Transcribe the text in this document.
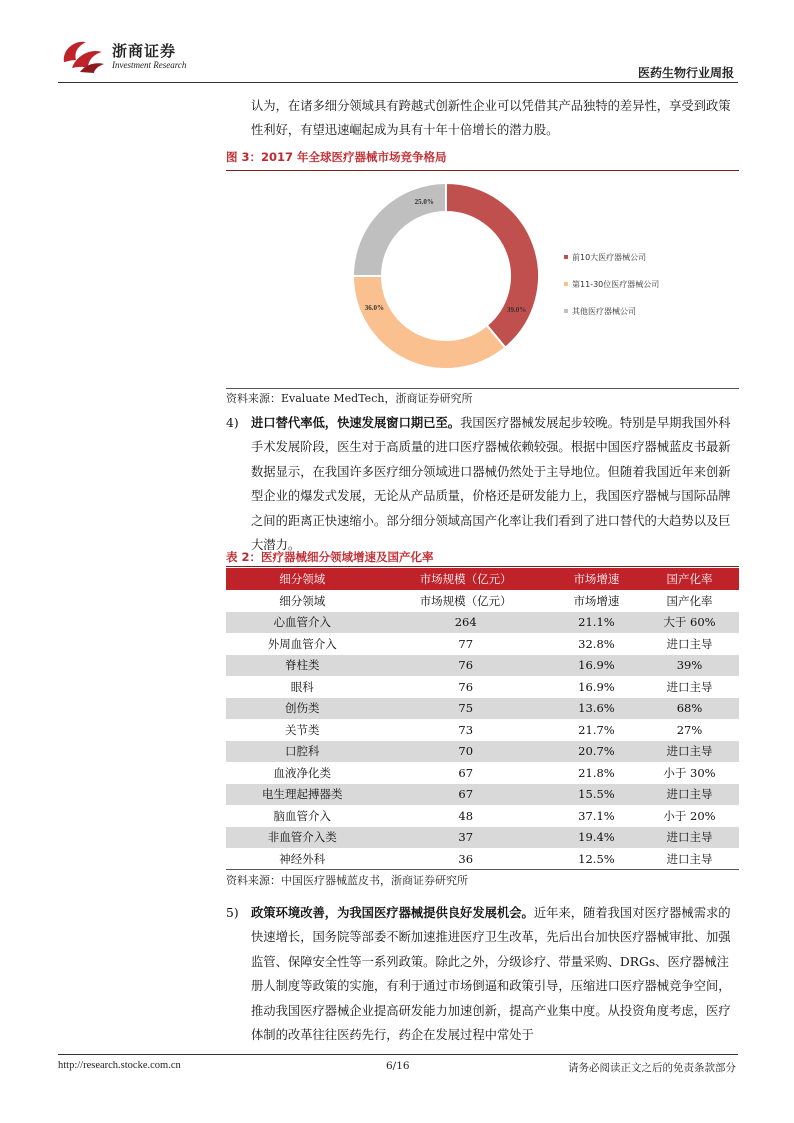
浙商证券
Investment Research
医药生物行业周报
认为，在诸多细分领域具有跨越式创新性企业可以凭借其产品独特的差异性，享受到政策性利好，有望迅速崛起成为具有十年十倍增长的潜力股。
图 3：2017 年全球医疗器械市场竞争格局
39.0%
36.0%
25.0%
前10大医疗器械公司
第11-30位医疗器械公司
其他医疗器械公司
资料来源：Evaluate MedTech，浙商证券研究所
4) 进口替代率低，快速发展窗口期已至。我国医疗器械发展起步较晚。特别是早期我国外科手术发展阶段，医生对于高质量的进口医疗器械依赖较强。根据中国医疗器械蓝皮书最新数据显示，在我国许多医疗细分领域进口器械仍然处于主导地位。但随着我国近年来创新型企业的爆发式发展，无论从产品质量，价格还是研发能力上，我国医疗器械与国际品牌之间的距离正快速缩小。部分细分领域高国产化率让我们看到了进口替代的大趋势以及巨大潜力。
表 2：医疗器械细分领域增速及国产化率
细分领域	市场规模（亿元）	市场增速	国产化率
细分领域	市场规模（亿元）	市场增速	国产化率
心血管介入	264	21.1%	大于 60%
外周血管介入	77	32.8%	进口主导
脊柱类	76	16.9%	39%
眼科	76	16.9%	进口主导
创伤类	75	13.6%	68%
关节类	73	21.7%	27%
口腔科	70	20.7%	进口主导
血液净化类	67	21.8%	小于 30%
电生理起搏器类	67	15.5%	进口主导
脑血管介入	48	37.1%	小于 20%
非血管介入类	37	19.4%	进口主导
神经外科	36	12.5%	进口主导
资料来源：中国医疗器械蓝皮书，浙商证券研究所
5) 政策环境改善，为我国医疗器械提供良好发展机会。近年来，随着我国对医疗器械需求的快速增长，国务院等部委不断加速推进医疗卫生改革，先后出台加快医疗器械审批、加强监管、保障安全性等一系列政策。除此之外，分级诊疗、带量采购、DRGs、医疗器械注册人制度等政策的实施，有利于通过市场倒逼和政策引导，压缩进口医疗器械竞争空间，推动我国医疗器械企业提高研发能力加速创新，提高产业集中度。从投资角度考虑，医疗体制的改革往往医药先行，药企在发展过程中常处于
http://research.stocke.com.cn	6/16	请务必阅读正文之后的免责条款部分
